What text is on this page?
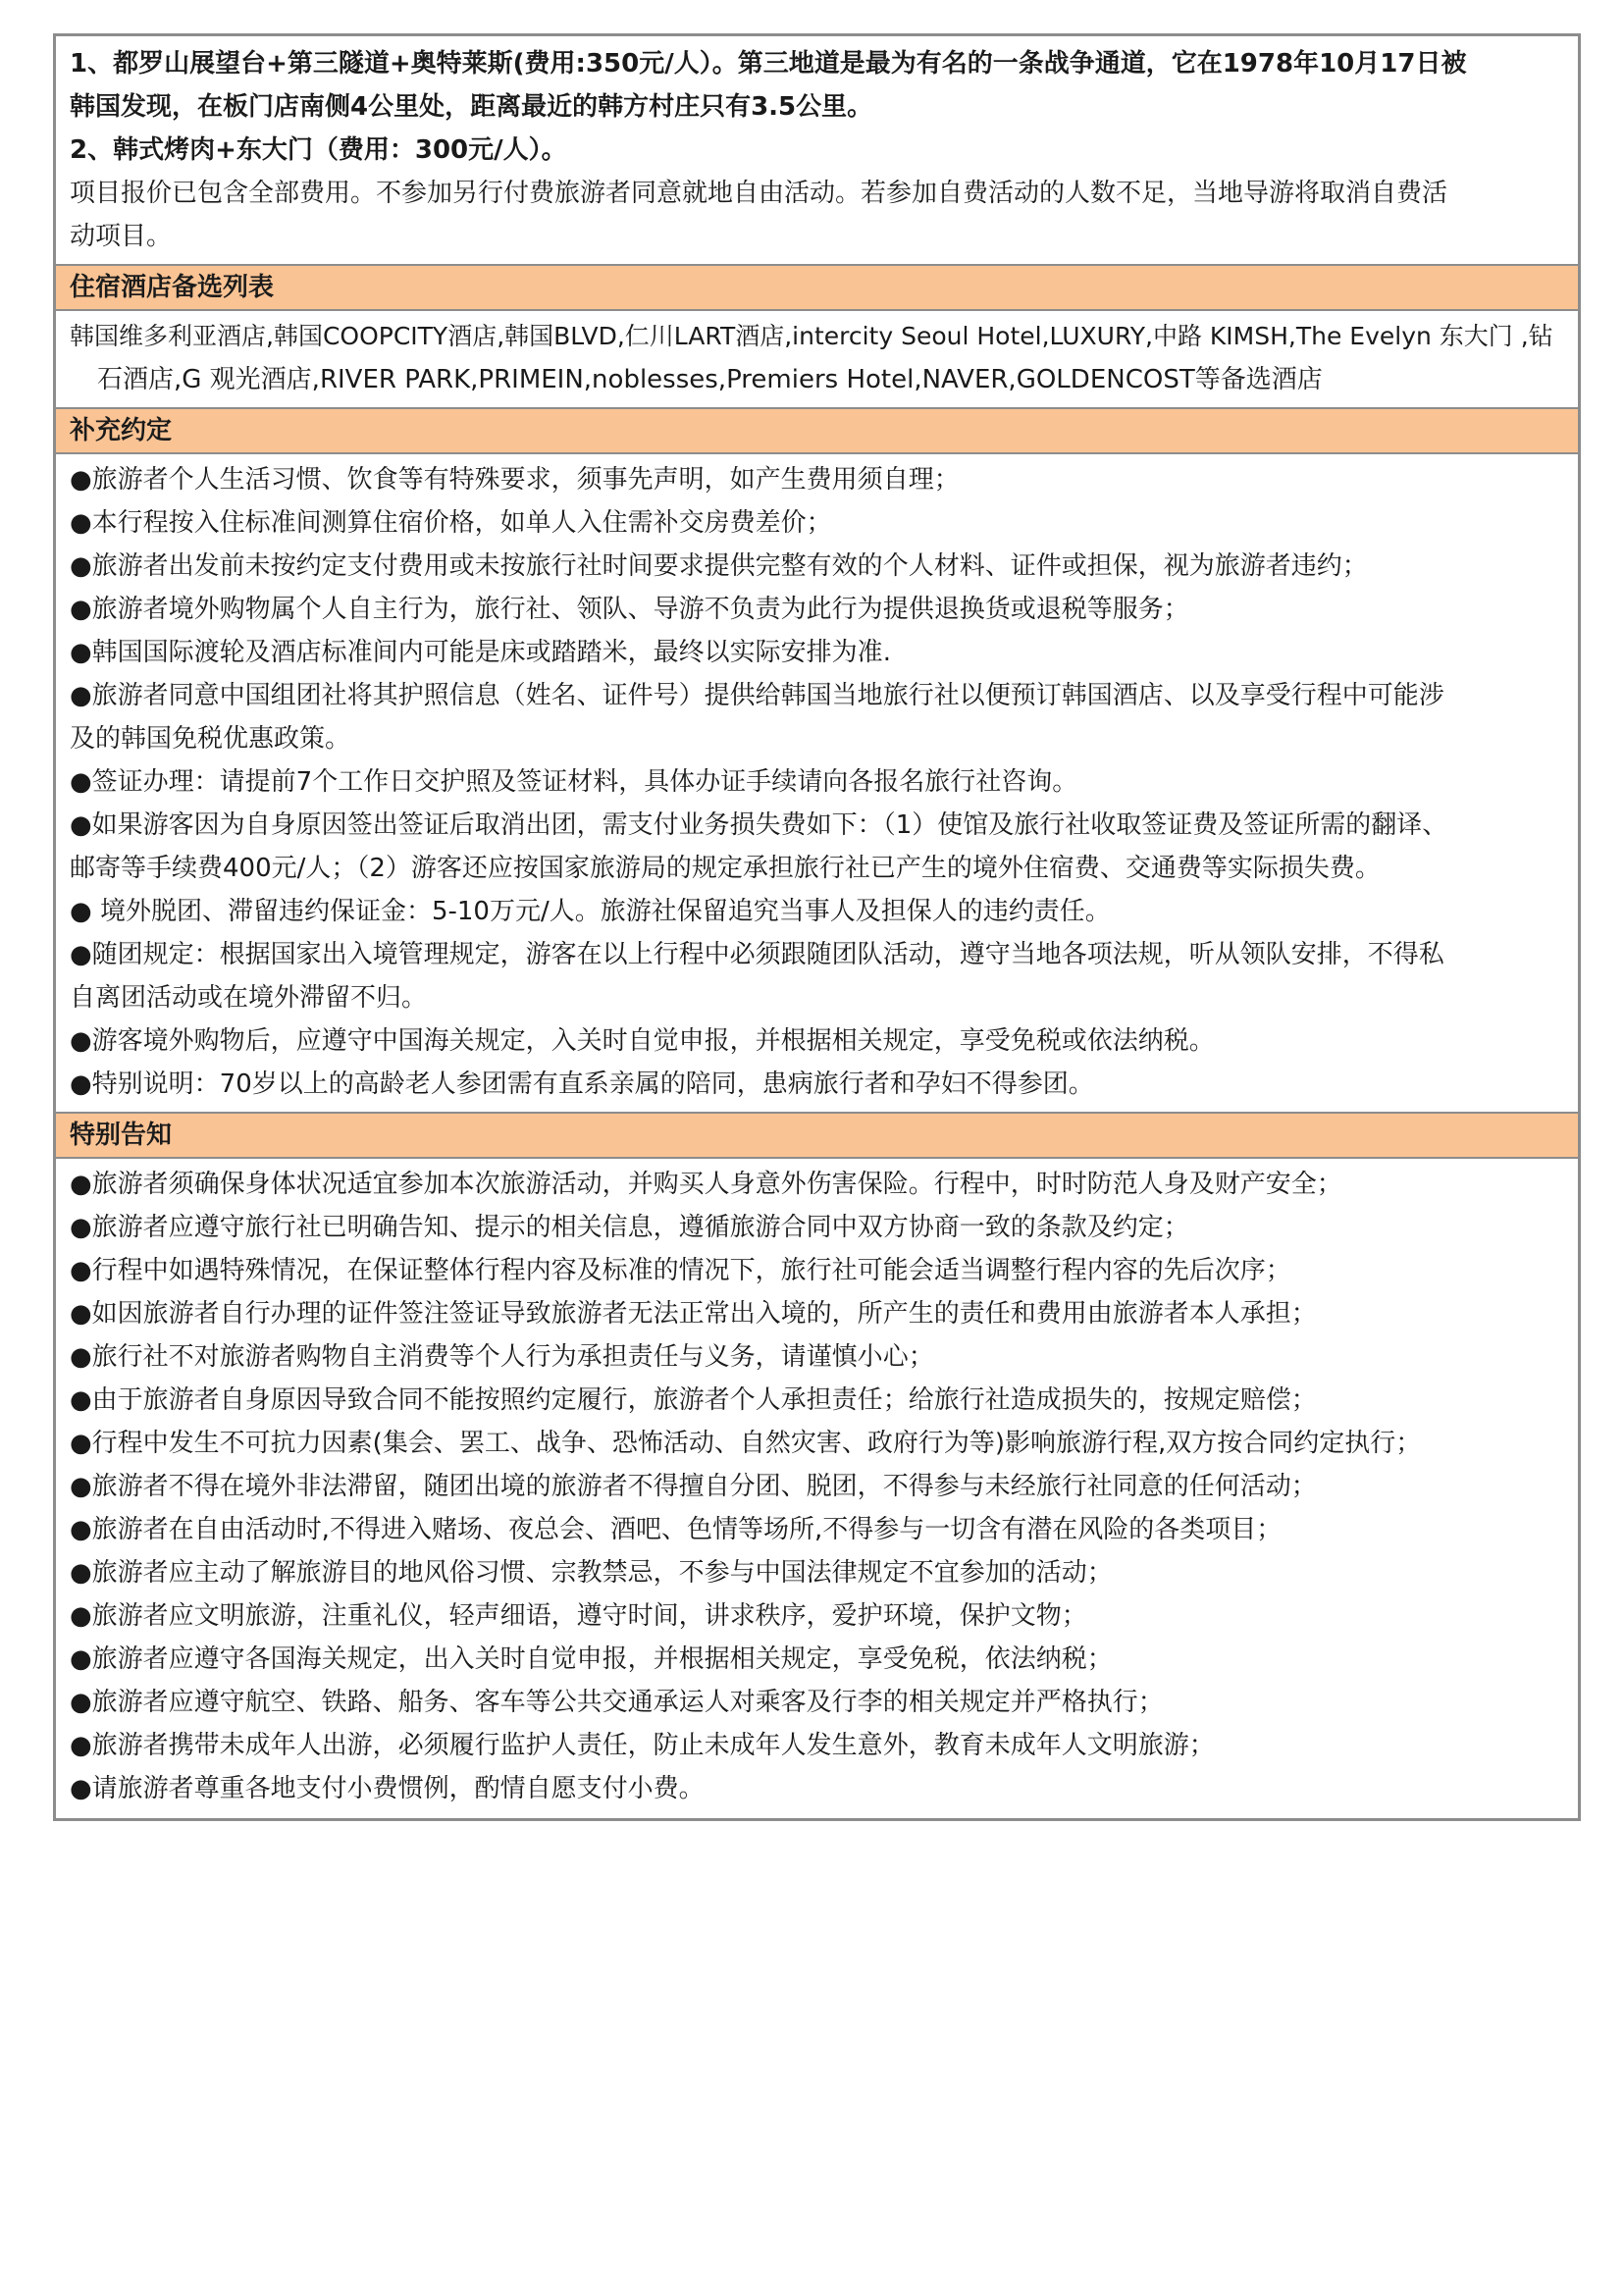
1、都罗山展望台+第三隧道+奥特莱斯(费用:350元/人）。第三地道是最为有名的一条战争通道，它在1978年10月17日被
韩国发现，在板门店南侧4公里处，距离最近的韩方村庄只有3.5公里。
2、韩式烤肉+东大门（费用：300元/人）。
项目报价已包含全部费用。不参加另行付费旅游者同意就地自由活动。若参加自费活动的人数不足，当地导游将取消自费活
动项目。
住宿酒店备选列表
韩国维多利亚酒店,韩国COOPCITY酒店,韩国BLVD,仁川LART酒店,intercity Seoul Hotel,LUXURY,中路 KIMSH,The Evelyn 东大门 ,钻
石酒店,G 观光酒店,RIVER PARK,PRIMEIN,noblesses,Premiers Hotel,NAVER,GOLDENCOST等备选酒店
补充约定
●旅游者个人生活习惯、饮食等有特殊要求，须事先声明，如产生费用须自理；
●本行程按入住标准间测算住宿价格，如单人入住需补交房费差价；
●旅游者出发前未按约定支付费用或未按旅行社时间要求提供完整有效的个人材料、证件或担保，视为旅游者违约；
●旅游者境外购物属个人自主行为，旅行社、领队、导游不负责为此行为提供退换货或退税等服务；
●韩国国际渡轮及酒店标准间内可能是床或踏踏米，最终以实际安排为准.
●旅游者同意中国组团社将其护照信息（姓名、证件号）提供给韩国当地旅行社以便预订韩国酒店、以及享受行程中可能涉
及的韩国免税优惠政策。
●签证办理：请提前7个工作日交护照及签证材料，具体办证手续请向各报名旅行社咨询。
●如果游客因为自身原因签出签证后取消出团，需支付业务损失费如下：（1）使馆及旅行社收取签证费及签证所需的翻译、
邮寄等手续费400元/人；（2）游客还应按国家旅游局的规定承担旅行社已产生的境外住宿费、交通费等实际损失费。
● 境外脱团、滞留违约保证金：5-10万元/人。旅游社保留追究当事人及担保人的违约责任。
●随团规定：根据国家出入境管理规定，游客在以上行程中必须跟随团队活动，遵守当地各项法规，听从领队安排，不得私
自离团活动或在境外滞留不归。
●游客境外购物后，应遵守中国海关规定，入关时自觉申报，并根据相关规定，享受免税或依法纳税。
●特别说明：70岁以上的高龄老人参团需有直系亲属的陪同，患病旅行者和孕妇不得参团。
特别告知
●旅游者须确保身体状况适宜参加本次旅游活动，并购买人身意外伤害保险。行程中，时时防范人身及财产安全；
●旅游者应遵守旅行社已明确告知、提示的相关信息，遵循旅游合同中双方协商一致的条款及约定；
●行程中如遇特殊情况，在保证整体行程内容及标准的情况下，旅行社可能会适当调整行程内容的先后次序；
●如因旅游者自行办理的证件签注签证导致旅游者无法正常出入境的，所产生的责任和费用由旅游者本人承担；
●旅行社不对旅游者购物自主消费等个人行为承担责任与义务，请谨慎小心；
●由于旅游者自身原因导致合同不能按照约定履行，旅游者个人承担责任；给旅行社造成损失的，按规定赔偿；
●行程中发生不可抗力因素(集会、罢工、战争、恐怖活动、自然灾害、政府行为等)影响旅游行程,双方按合同约定执行；
●旅游者不得在境外非法滞留，随团出境的旅游者不得擅自分团、脱团，不得参与未经旅行社同意的任何活动；
●旅游者在自由活动时,不得进入赌场、夜总会、酒吧、色情等场所,不得参与一切含有潜在风险的各类项目；
●旅游者应主动了解旅游目的地风俗习惯、宗教禁忌，不参与中国法律规定不宜参加的活动；
●旅游者应文明旅游，注重礼仪，轻声细语，遵守时间，讲求秩序，爱护环境，保护文物；
●旅游者应遵守各国海关规定，出入关时自觉申报，并根据相关规定，享受免税，依法纳税；
●旅游者应遵守航空、铁路、船务、客车等公共交通承运人对乘客及行李的相关规定并严格执行；
●旅游者携带未成年人出游，必须履行监护人责任，防止未成年人发生意外，教育未成年人文明旅游；
●请旅游者尊重各地支付小费惯例，酌情自愿支付小费。
